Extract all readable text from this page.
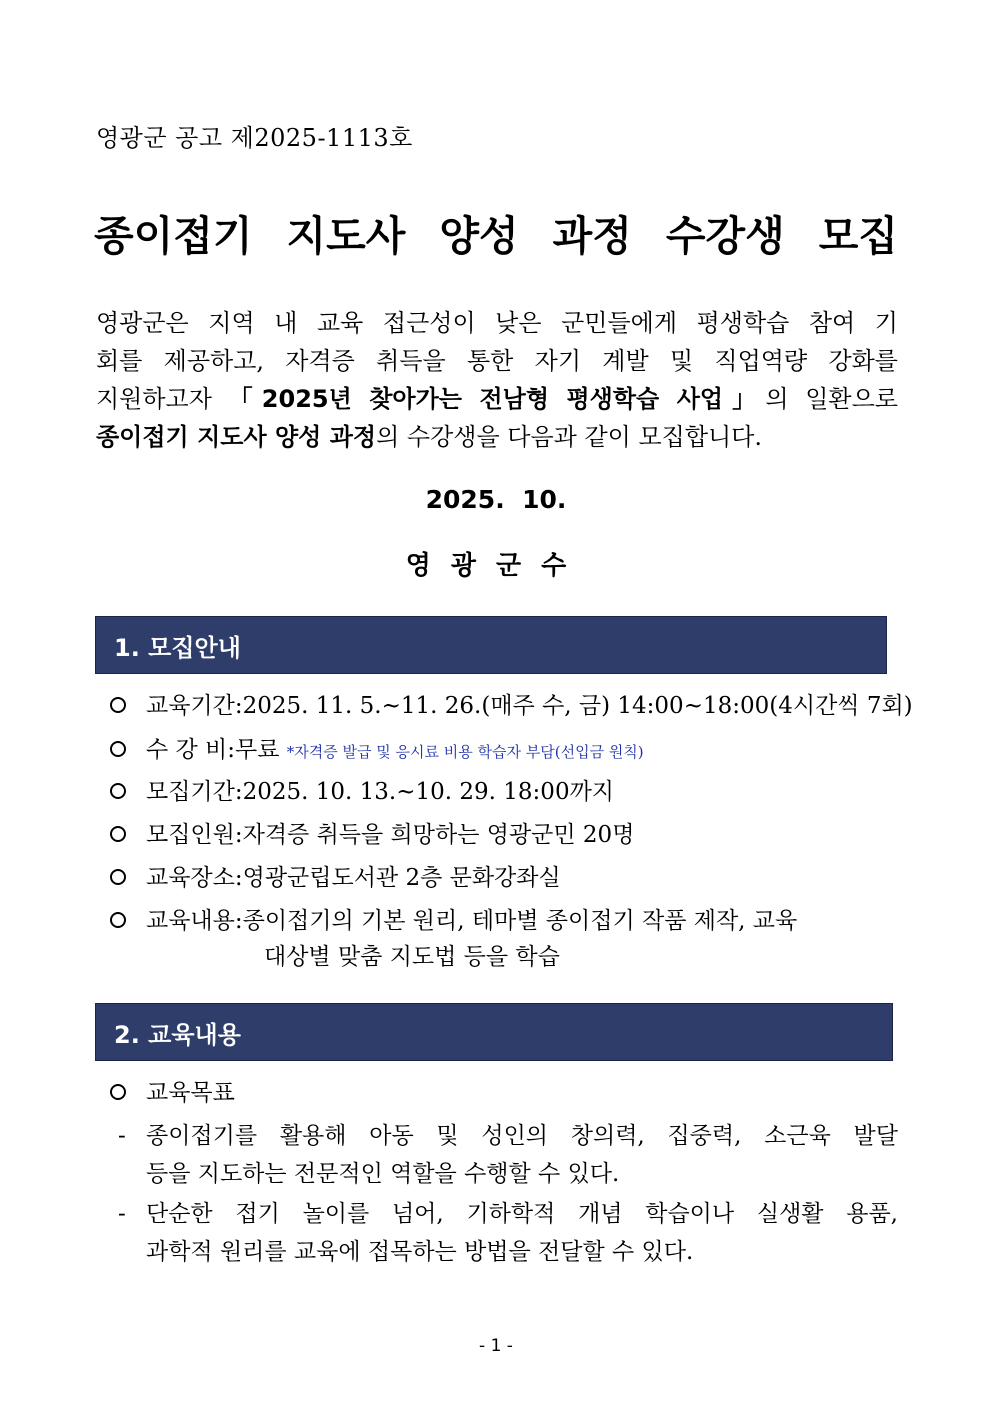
영광군 공고 제2025-1113호
종이접기 지도사 양성 과정 수강생 모집
영광군은 지역 내 교육 접근성이 낮은 군민들에게 평생학습 참여 기
회를 제공하고, 자격증 취득을 통한 자기 계발 및 직업역량 강화를
지원하고자 「2025년 찾아가는 전남형 평생학습 사업」의 일환으로
종이접기 지도사 양성 과정의 수강생을 다음과 같이 모집합니다.
2025.  10.
영광군수
1. 모집안내
교육기간:2025. 11. 5.~11. 26.(매주 수, 금) 14:00~18:00(4시간씩 7회)
수 강 비:무료 *자격증 발급 및 응시료 비용 학습자 부담(선입금 원칙)
모집기간:2025. 10. 13.~10. 29. 18:00까지
모집인원:자격증 취득을 희망하는 영광군민 20명
교육장소:영광군립도서관 2층 문화강좌실
교육내용:종이접기의 기본 원리, 테마별 종이접기 작품 제작, 교육
대상별 맞춤 지도법 등을 학습
2. 교육내용
교육목표
- 종이접기를 활용해 아동 및 성인의 창의력, 집중력, 소근육 발달
등을 지도하는 전문적인 역할을 수행할 수 있다.
- 단순한 접기 놀이를 넘어, 기하학적 개념 학습이나 실생활 용품,
과학적 원리를 교육에 접목하는 방법을 전달할 수 있다.
- 1 -
